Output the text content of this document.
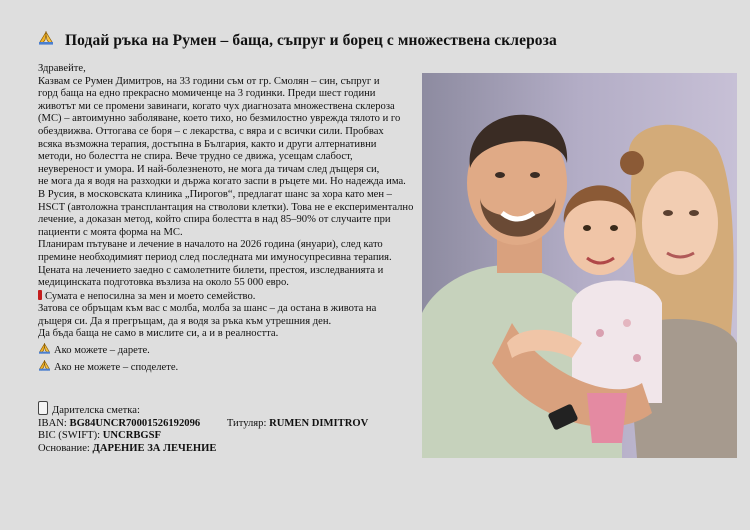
Подай ръка на Румен – баща, съпруг и борец с множествена склероза
Здравейте,
Казвам се Румен Димитров, на 33 години съм от гр. Смолян – син, съпруг и
горд баща на едно прекрасно момиченце на 3 годинки. Преди шест години
животът ми се промени завинаги, когато чух диагнозата множествена склероза
(МС) – автоимунно заболяване, което тихо, но безмилостно уврежда тялото и го
обездвижва. Оттогава се боря – с лекарства, с вяра и с всички сили. Пробвах
всяка възможна терапия, достъпна в България, както и други алтернативни
методи, но болестта не спира. Вече трудно се движа, усещам слабост,
неувереност и умора. И най-болезненото, не мога да тичам след дъщеря си,
не мога да я водя на разходки и държа когато заспи в ръцете ми. Но надежда има.
В Русия, в московската клиника „Пирогов“, предлагат шанс за хора като мен –
HSCT (автоложна трансплантация на стволови клетки). Това не е експериментално
лечение, а доказан метод, който спира болестта в над 85–90% от случаите при
пациенти с моята форма на МС.
Планирам пътуване и лечение в началото на 2026 година (януари), след като
премине необходимият период след последната ми имуносупресивна терапия.
Цената на лечението заедно с самолетните билети, престоя, изследванията и
медицинската подготовка възлиза на около 55 000 евро.
Сумата е непосилна за мен и моето семейство.
Затова се обръщам към вас с молба, молба за шанс – да остана в живота на
дъщеря си. Да я прегръщам, да я водя за ръка към утрешния ден.
Да бъда баща не само в мислите си, а и в реалността.
Ако можете – дарете.
Ако не можете – споделете.
Дарителска сметка:
IBAN: BG84UNCR70001526192096	Титуляр: RUMEN DIMITROV
BIC (SWIFT): UNCRBGSF
Основание: ДАРЕНИЕ ЗА ЛЕЧЕНИЕ
